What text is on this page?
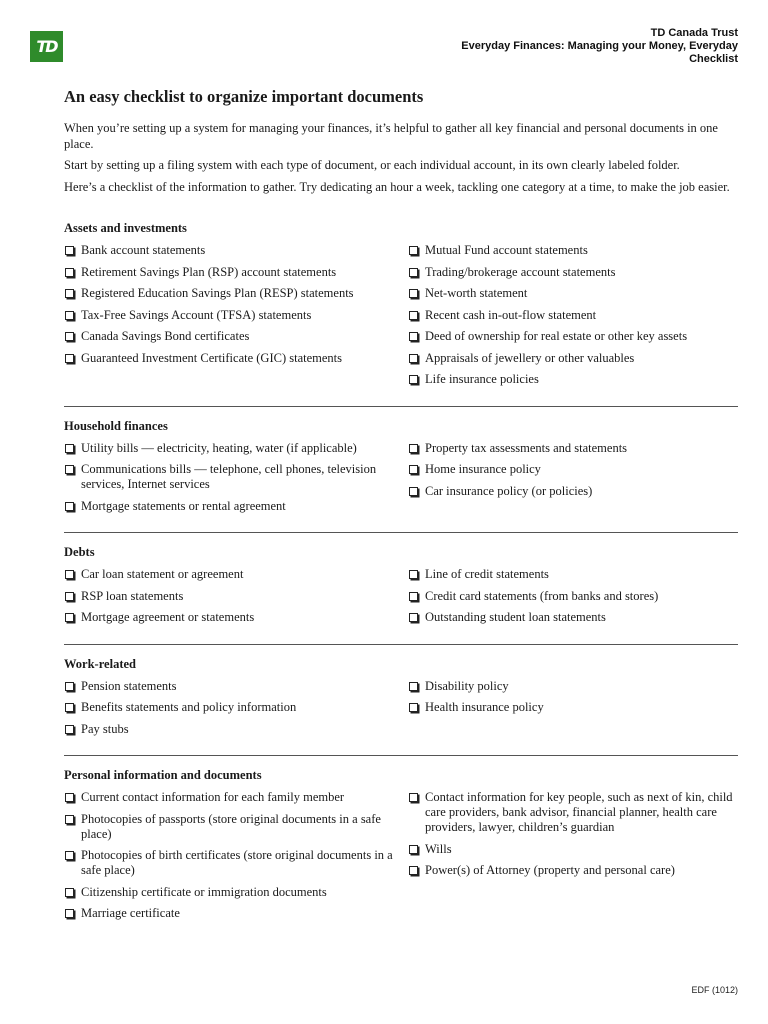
TD
TD Canada Trust
Everyday Finances: Managing your Money, Everyday
Checklist
An easy checklist to organize important documents

When you’re setting up a system for managing your finances, it’s helpful to gather all key financial and personal documents in one place.

Start by setting up a filing system with each type of document, or each individual account, in its own clearly labeled folder.

Here’s a checklist of the information to gather. Try dedicating an hour a week, tackling one category at a time, to make the job easier.

Assets and investments
Bank account statements
Retirement Savings Plan (RSP) account statements
Registered Education Savings Plan (RESP) statements
Tax-Free Savings Account (TFSA) statements
Canada Savings Bond certificates
Guaranteed Investment Certificate (GIC) statements
Mutual Fund account statements
Trading/brokerage account statements
Net-worth statement
Recent cash in-out-flow statement
Deed of ownership for real estate or other key assets
Appraisals of jewellery or other valuables
Life insurance policies
Household finances
Utility bills — electricity, heating, water (if applicable)
Communications bills — telephone, cell phones, television services, Internet services
Mortgage statements or rental agreement
Property tax assessments and statements
Home insurance policy
Car insurance policy (or policies)
Debts
Car loan statement or agreement
RSP loan statements
Mortgage agreement or statements
Line of credit statements
Credit card statements (from banks and stores)
Outstanding student loan statements
Work-related
Pension statements
Benefits statements and policy information
Pay stubs
Disability policy
Health insurance policy
Personal information and documents
Current contact information for each family member
Photocopies of passports (store original documents in a safe place)
Photocopies of birth certificates (store original documents in a safe place)
Citizenship certificate or immigration documents
Marriage certificate
Contact information for key people, such as next of kin, child care providers, bank advisor, financial planner, health care providers, lawyer, children’s guardian
Wills
Power(s) of Attorney (property and personal care)
EDF (1012)
